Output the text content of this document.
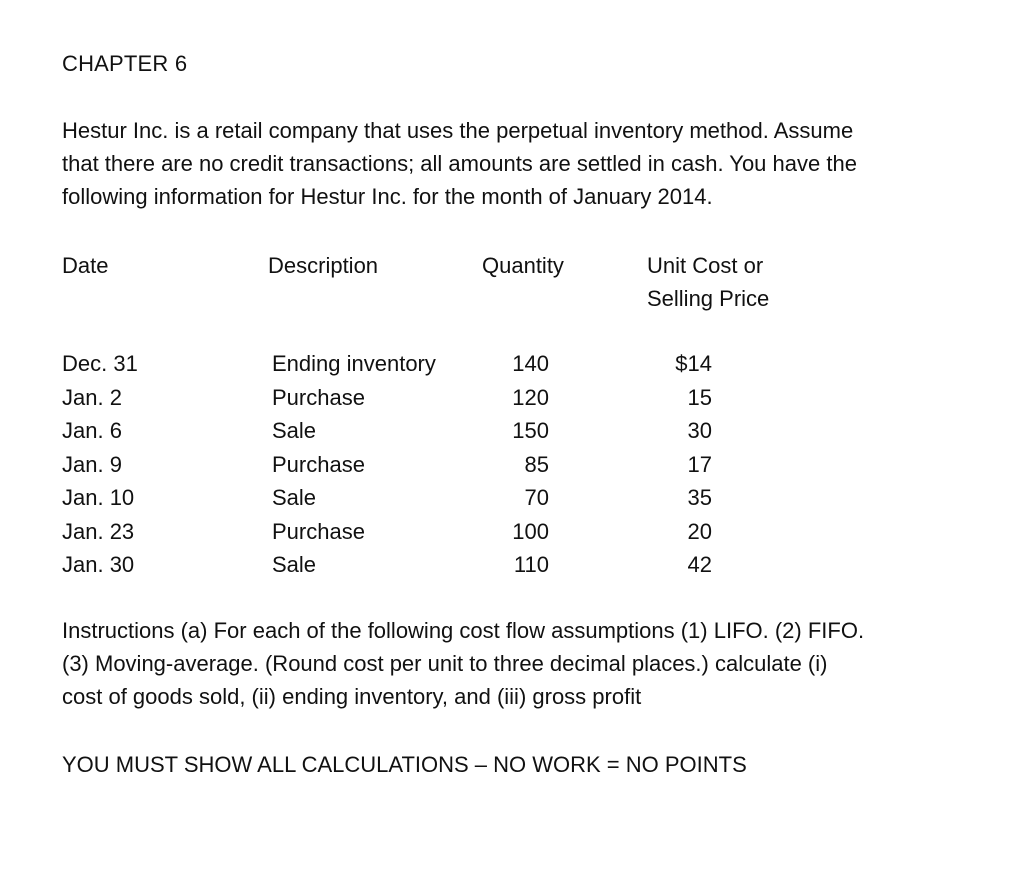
CHAPTER 6
Hestur Inc. is a retail company that uses the perpetual inventory method. Assume
that there are no credit transactions; all amounts are settled in cash. You have the
following information for Hestur Inc. for the month of January 2014.
Date	Description	Quantity	Unit Cost or
Selling Price
Dec. 31	Ending inventory	140	$14
Jan. 2	Purchase	120	15
Jan. 6	Sale	150	30
Jan. 9	Purchase	85	17
Jan. 10	Sale	70	35
Jan. 23	Purchase	100	20
Jan. 30	Sale	110	42
Instructions (a) For each of the following cost flow assumptions (1) LIFO. (2) FIFO.
(3) Moving-average. (Round cost per unit to three decimal places.) calculate (i)
cost of goods sold, (ii) ending inventory, and (iii) gross profit
YOU MUST SHOW ALL CALCULATIONS – NO WORK = NO POINTS
